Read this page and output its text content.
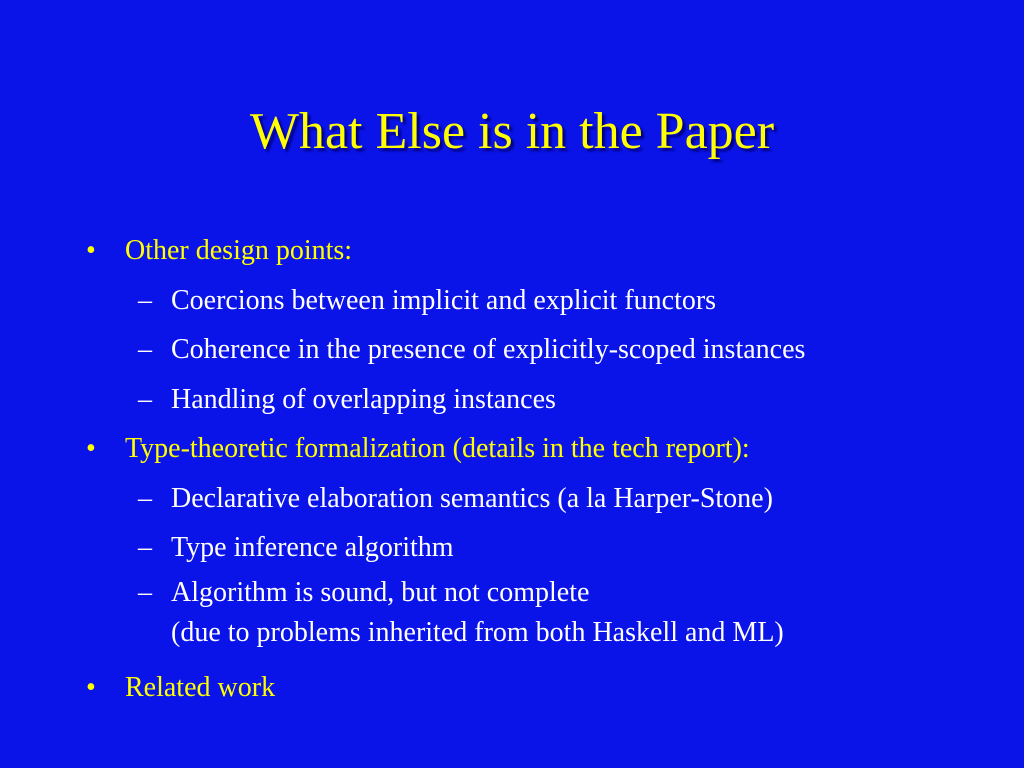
What Else is in the Paper
• Other design points:
– Coercions between implicit and explicit functors
– Coherence in the presence of explicitly-scoped instances
– Handling of overlapping instances
• Type-theoretic formalization (details in the tech report):
– Declarative elaboration semantics (a la Harper-Stone)
– Type inference algorithm
– Algorithm is sound, but not complete
(due to problems inherited from both Haskell and ML)
• Related work
